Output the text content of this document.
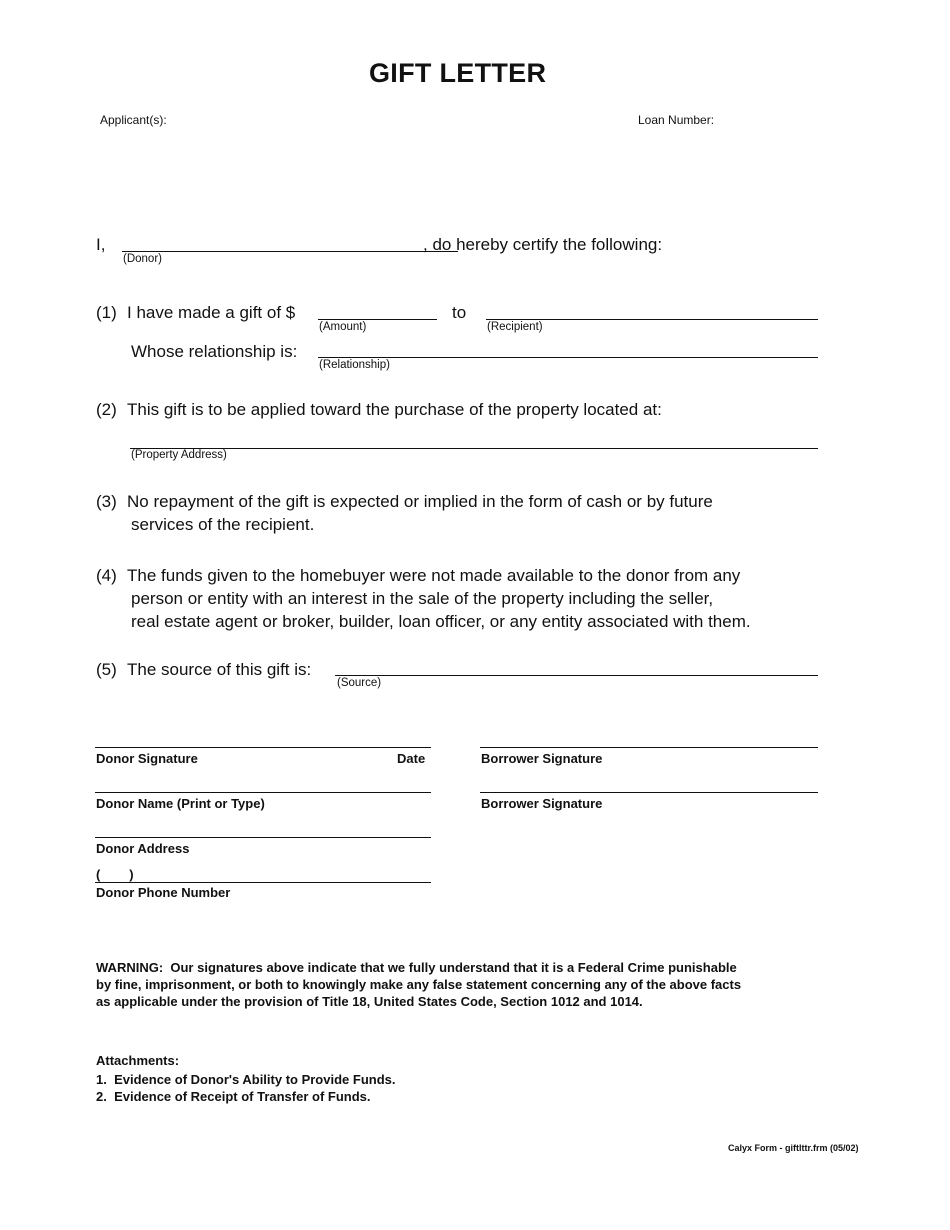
GIFT LETTER
Applicant(s):	Loan Number:
I,
(Donor)
, do hereby certify the following:
(1) I have made a gift of $
(Amount)
to
(Recipient)
Whose relationship is:
(Relationship)
(2) This gift is to be applied toward the purchase of the property located at:
(Property Address)
(3) No repayment of the gift is expected or implied in the form of cash or by future
services of the recipient.
(4) The funds given to the homebuyer were not made available to the donor from any
person or entity with an interest in the sale of the property including the seller,
real estate agent or broker, builder, loan officer, or any entity associated with them.
(5) The source of this gift is:
(Source)
Donor Signature	Date	Borrower Signature
Donor Name (Print or Type)	Borrower Signature
Donor Address
(        )
Donor Phone Number
WARNING:  Our signatures above indicate that we fully understand that it is a Federal Crime punishable
by fine, imprisonment, or both to knowingly make any false statement concerning any of the above facts
as applicable under the provision of Title 18, United States Code, Section 1012 and 1014.
Attachments:
1.  Evidence of Donor's Ability to Provide Funds.
2.  Evidence of Receipt of Transfer of Funds.
Calyx Form - giftlttr.frm (05/02)
